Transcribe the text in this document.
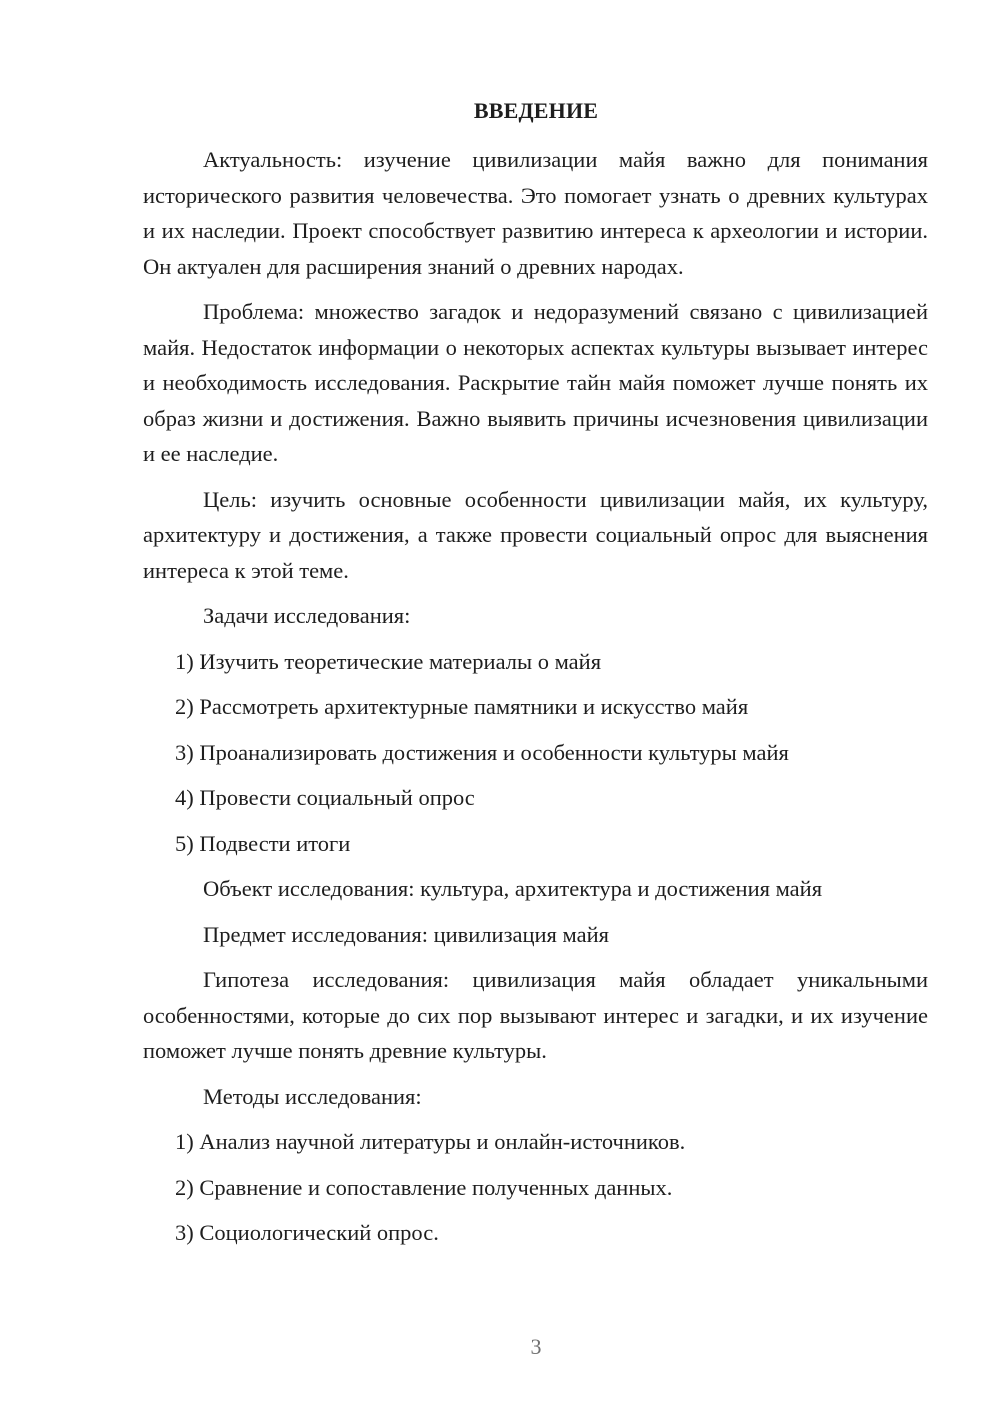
ВВЕДЕНИЕ

Актуальность: изучение цивилизации майя важно для понимания исторического развития человечества. Это помогает узнать о древних культурах и их наследии. Проект способствует развитию интереса к археологии и истории. Он актуален для расширения знаний о древних народах.

Проблема: множество загадок и недоразумений связано с цивилизацией майя. Недостаток информации о некоторых аспектах культуры вызывает интерес и необходимость исследования. Раскрытие тайн майя поможет лучше понять их образ жизни и достижения. Важно выявить причины исчезновения цивилизации и ее наследие.

Цель: изучить основные особенности цивилизации майя, их культуру, архитектуру и достижения, а также провести социальный опрос для выяснения интереса к этой теме.

Задачи исследования:
1) Изучить теоретические материалы о майя
2) Рассмотреть архитектурные памятники и искусство майя
3) Проанализировать достижения и особенности культуры майя
4) Провести социальный опрос
5) Подвести итоги
Объект исследования: культура, архитектура и достижения майя
Предмет исследования: цивилизация майя

Гипотеза исследования: цивилизация майя обладает уникальными особенностями, которые до сих пор вызывают интерес и загадки, и их изучение поможет лучше понять древние культуры.

Методы исследования:
1) Анализ научной литературы и онлайн-источников.
2) Сравнение и сопоставление полученных данных.
3) Социологический опрос.
3
